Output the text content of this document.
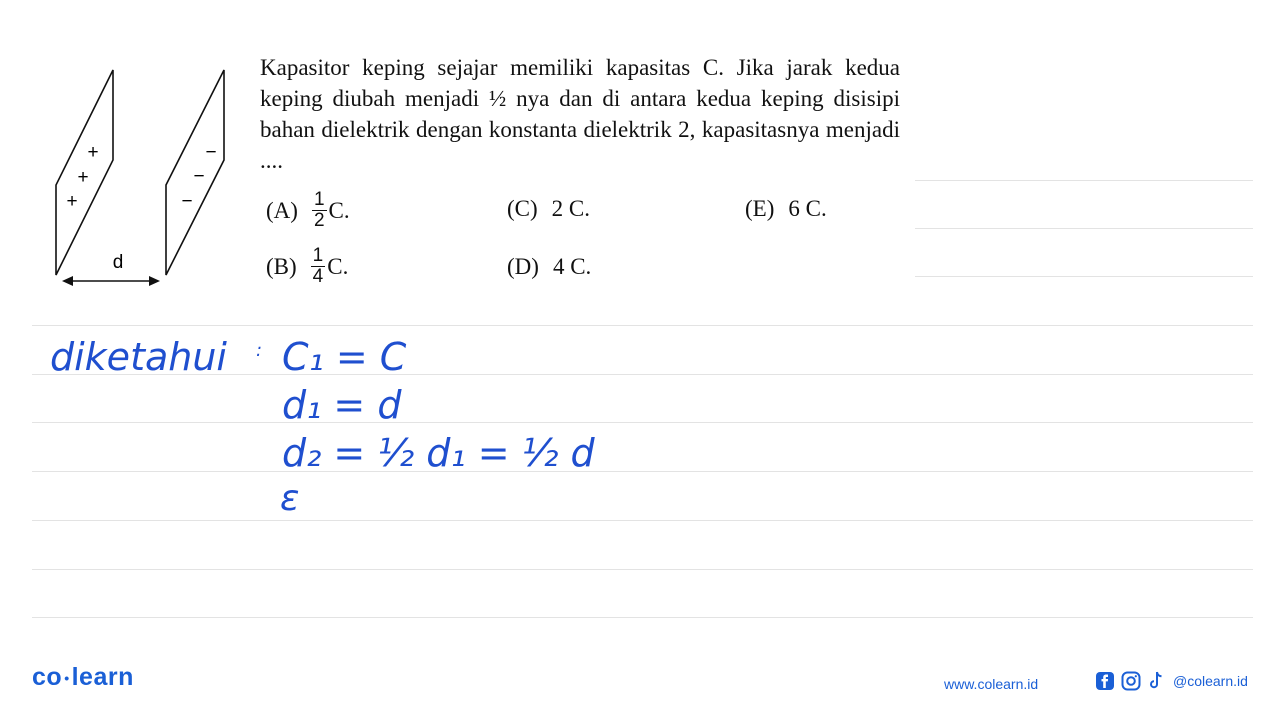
+
+
+
−
−
−
d
Kapasitor keping sejajar memiliki kapasitas C. Jika jarak kedua keping diubah menjadi ½ nya dan di antara kedua keping disisipi bahan dielektrik dengan konstanta dielektrik 2, kapasitasnya menjadi ....
$(A) \frac{1}{2} C$.
$(B) \frac{1}{4} C$.
(C) 2 C.
(D) 4 C.
(E) 6 C.
diketahui : C₁ = C
d₁ = d
d₂ = ½ d₁ = ½ d
ε
co •learn	www.colearn.id	@colearn.id
